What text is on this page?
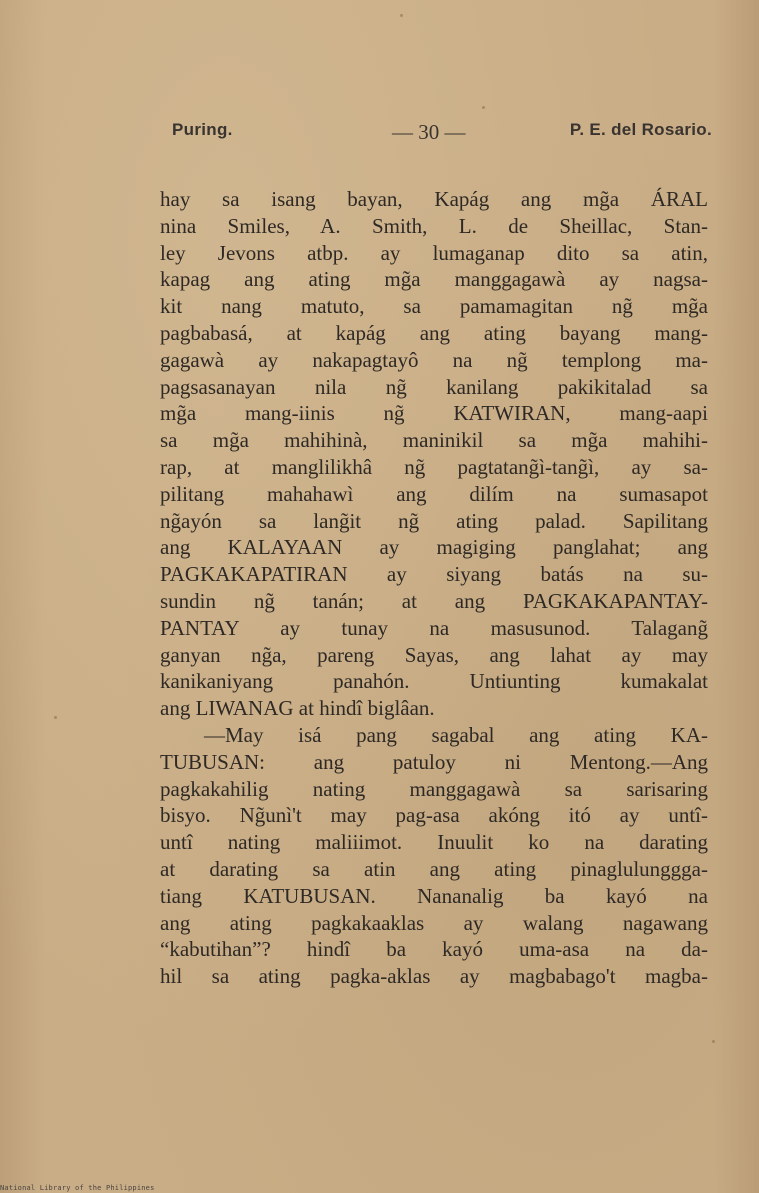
Puring.	— 30 —	P. E. del Rosario.
hay sa isang bayan, Kapág ang mg̃a ÁRAL
nina Smiles, A. Smith, L. de Sheillac, Stan-
ley Jevons atbp. ay lumaganap dito sa atin,
kapag ang ating mg̃a manggagawà ay nagsa-
kit nang matuto, sa pamamagitan ng̃ mg̃a
pagbabasá, at kapág ang ating bayang mang-
gagawà ay nakapagtayô na ng̃ templong ma-
pagsasanayan nila ng̃ kanilang pakikitalad sa
mg̃a mang-iinis ng̃ KATWIRAN, mang-aapi
sa mg̃a mahihinà, maninikil sa mg̃a mahihi-
rap, at manglilikhâ ng̃ pagtatang̃ì-tang̃ì, ay sa-
pilitang mahahawì ang dilím na sumasapot
ng̃ayón sa lang̃it ng̃ ating palad. Sapilitang
ang KALAYAAN ay magiging panglahat; ang
PAGKAKAPATIRAN ay siyang batás na su-
sundin ng̃ tanán; at ang PAGKAKAPANTAY-
PANTAY ay tunay na masusunod. Talagang̃
ganyan ng̃a, pareng Sayas, ang lahat ay may
kanikaniyang panahón. Untiunting kumakalat
ang LIWANAG at hindî biglâan.
—May isá pang sagabal ang ating KA-
TUBUSAN: ang patuloy ni Mentong.—Ang
pagkakahilig nating manggagawà sa sarisaring
bisyo. Ng̃unì't may pag-asa akóng itó ay untî-
untî nating maliiimot. Inuulit ko na darating
at darating sa atin ang ating pinaglulunggga-
tiang KATUBUSAN. Nananalig ba kayó na
ang ating pagkakaaklas ay walang nagawang
“kabutihan”? hindî ba kayó uma-asa na da-
hil sa ating pagka-aklas ay magbabago't magba-
National Library of the Philippines
